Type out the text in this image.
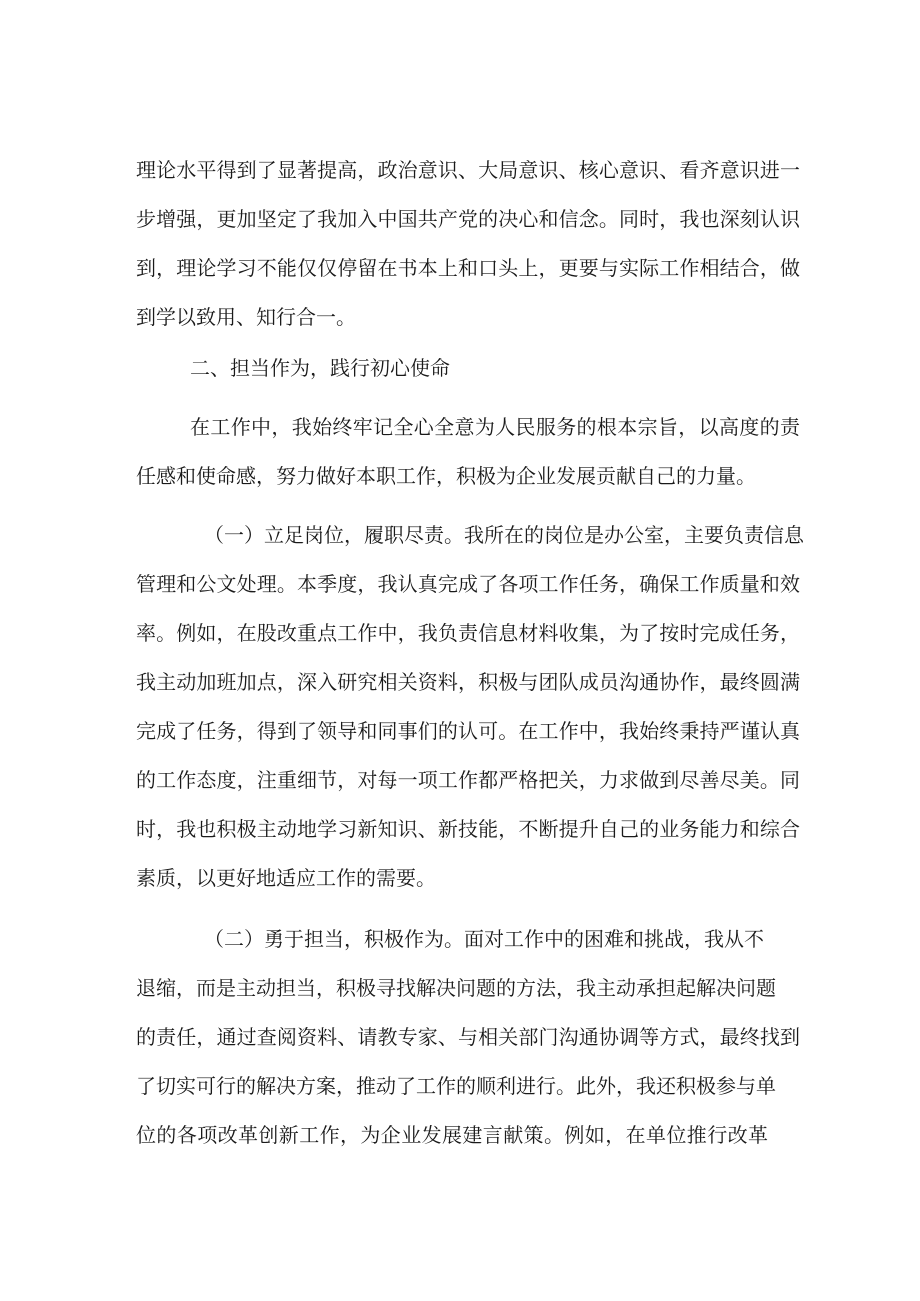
理论水平得到了显著提高，政治意识、大局意识、核心意识、看齐意识进一
步增强，更加坚定了我加入中国共产党的决心和信念。同时，我也深刻认识
到，理论学习不能仅仅停留在书本上和口头上，更要与实际工作相结合，做
到学以致用、知行合一。
二、担当作为，践行初心使命
在工作中，我始终牢记全心全意为人民服务的根本宗旨，以高度的责
任感和使命感，努力做好本职工作，积极为企业发展贡献自己的力量。
（一）立足岗位，履职尽责。我所在的岗位是办公室，主要负责信息
管理和公文处理。本季度，我认真完成了各项工作任务，确保工作质量和效
率。例如，在股改重点工作中，我负责信息材料收集，为了按时完成任务，
我主动加班加点，深入研究相关资料，积极与团队成员沟通协作，最终圆满
完成了任务，得到了领导和同事们的认可。在工作中，我始终秉持严谨认真
的工作态度，注重细节，对每一项工作都严格把关，力求做到尽善尽美。同
时，我也积极主动地学习新知识、新技能，不断提升自己的业务能力和综合
素质，以更好地适应工作的需要。
（二）勇于担当，积极作为。面对工作中的困难和挑战，我从不
退缩，而是主动担当，积极寻找解决问题的方法，我主动承担起解决问题
的责任，通过查阅资料、请教专家、与相关部门沟通协调等方式，最终找到
了切实可行的解决方案，推动了工作的顺利进行。此外，我还积极参与单
位的各项改革创新工作，为企业发展建言献策。例如，在单位推行改革
